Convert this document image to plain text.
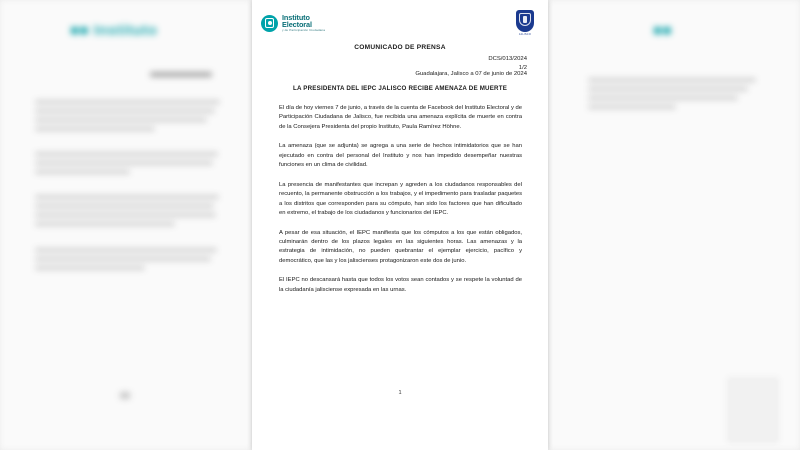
■■ Instituto	■■
Instituto
Electoral
y de Participación Ciudadana
JALISCO
COMUNICADO DE PRENSA
DCS/013/2024
1/2
Guadalajara, Jalisco a 07 de junio de 2024
LA PRESIDENTA DEL IEPC JALISCO RECIBE AMENAZA DE MUERTE

El día de hoy viernes 7 de junio, a través de la cuenta de Facebook del Instituto Electoral y de Participación Ciudadana de Jalisco, fue recibida una amenaza explícita de muerte en contra de la Consejera Presidenta del propio Instituto, Paula Ramírez Höhne.

La amenaza (que se adjunta) se agrega a una serie de hechos intimidatorios que se han ejecutado en contra del personal del Instituto y nos han impedido desempeñar nuestras funciones en un clima de civilidad.

La presencia de manifestantes que increpan y agreden a los ciudadanos responsables del recuento, la permanente obstrucción a los trabajos, y el impedimento para trasladar paquetes a los distritos que corresponden para su cómputo, han sido los factores que han dificultado en extremo, el trabajo de los ciudadanos y funcionarios del IEPC.

A pesar de esa situación, el IEPC manifiesta que los cómputos a los que están obligados, culminarán dentro de los plazos legales en las siguientes horas. Las amenazas y la estrategia de intimidación, no pueden quebrantar el ejemplar ejercicio, pacífico y democrático, que las y los jaliscienses protagonizaron este dos de junio.

El IEPC no descansará hasta que todos los votos sean contados y se respete la voluntad de la ciudadanía jalisciense expresada en las urnas.

1
